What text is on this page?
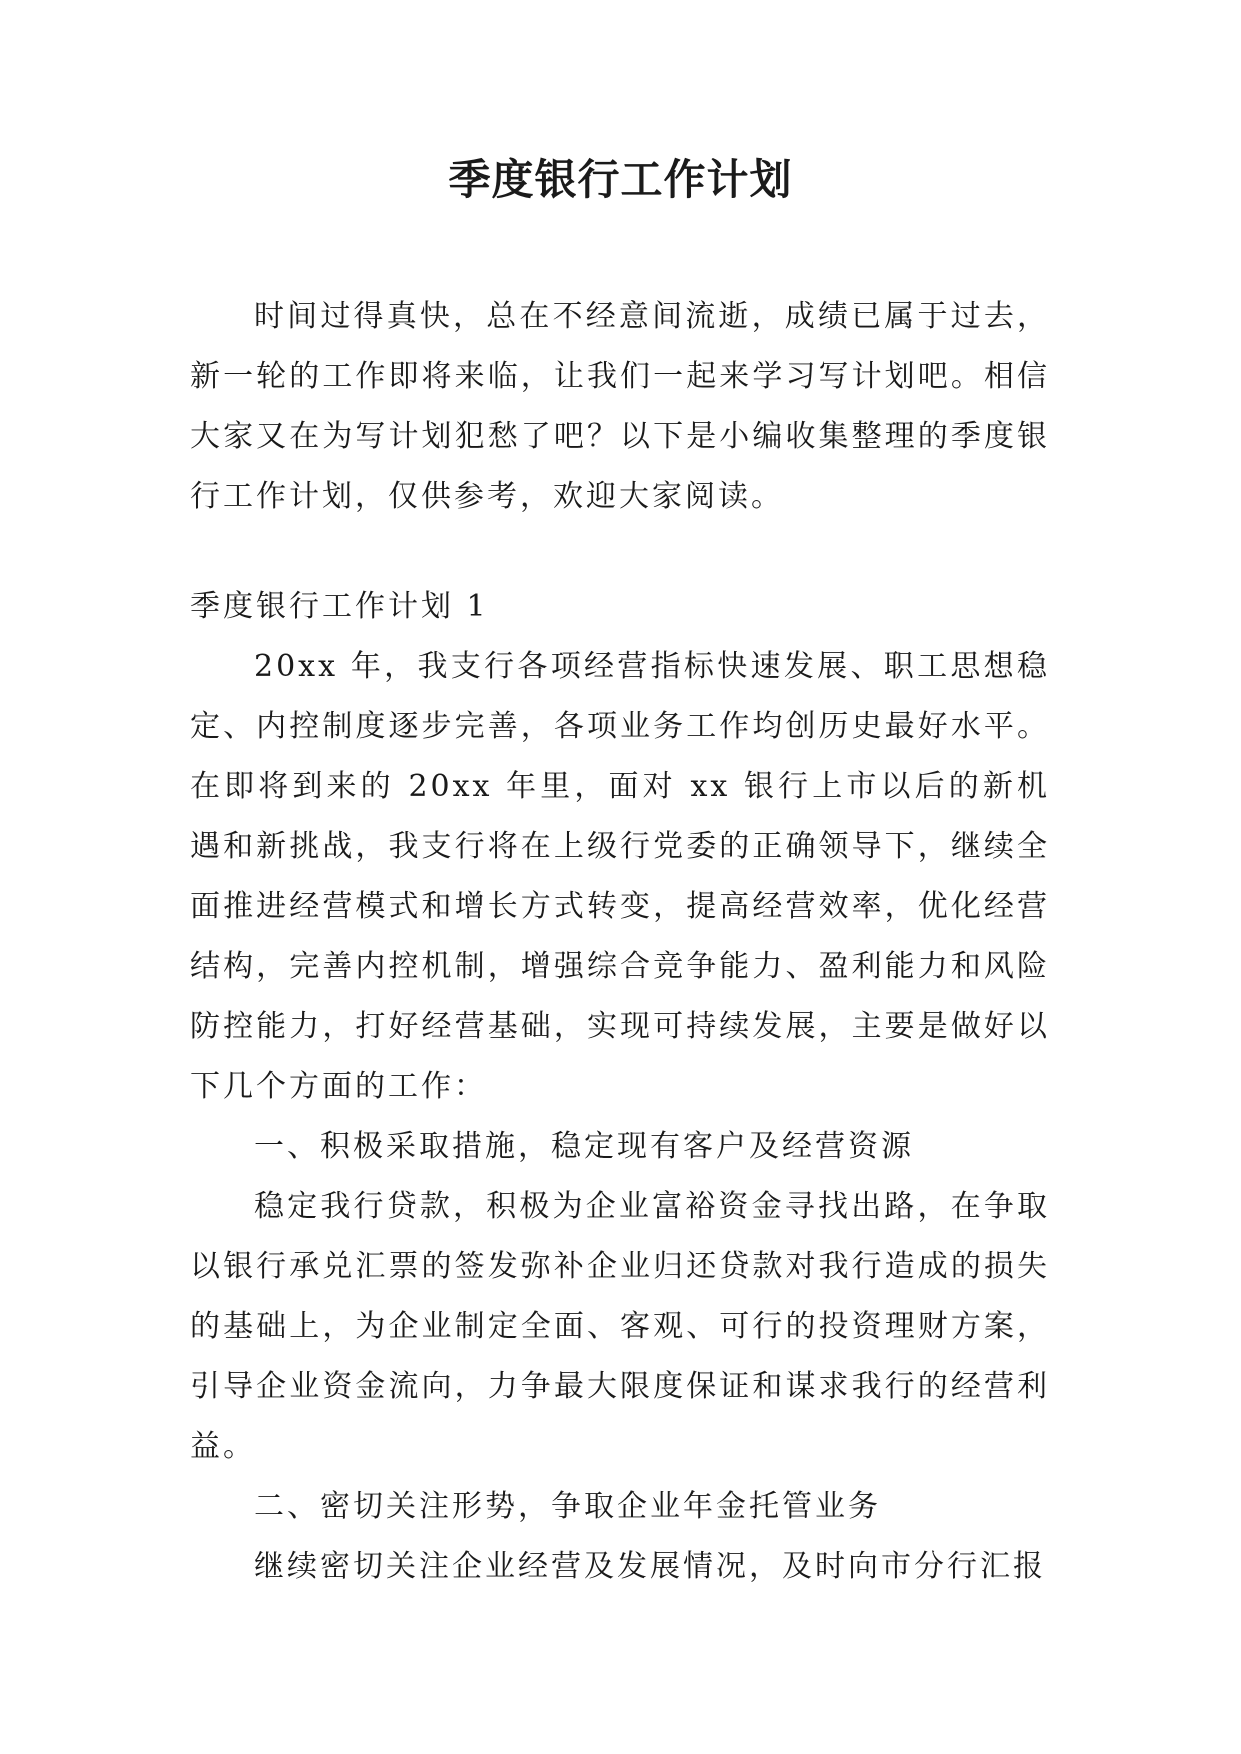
季度银行工作计划

时间过得真快，总在不经意间流逝，成绩已属于过去，新一轮的工作即将来临，让我们一起来学习写计划吧。相信大家又在为写计划犯愁了吧？以下是小编收集整理的季度银行工作计划，仅供参考，欢迎大家阅读。

季度银行工作计划 1

20xx 年，我支行各项经营指标快速发展、职工思想稳定、内控制度逐步完善，各项业务工作均创历史最好水平。在即将到来的 20xx 年里，面对 xx 银行上市以后的新机遇和新挑战，我支行将在上级行党委的正确领导下，继续全面推进经营模式和增长方式转变，提高经营效率，优化经营结构，完善内控机制，增强综合竞争能力、盈利能力和风险防控能力，打好经营基础，实现可持续发展，主要是做好以下几个方面的工作：

一、积极采取措施，稳定现有客户及经营资源

稳定我行贷款，积极为企业富裕资金寻找出路，在争取以银行承兑汇票的签发弥补企业归还贷款对我行造成的损失的基础上，为企业制定全面、客观、可行的投资理财方案，引导企业资金流向，力争最大限度保证和谋求我行的经营利益。

二、密切关注形势，争取企业年金托管业务

继续密切关注企业经营及发展情况，及时向市分行汇报
